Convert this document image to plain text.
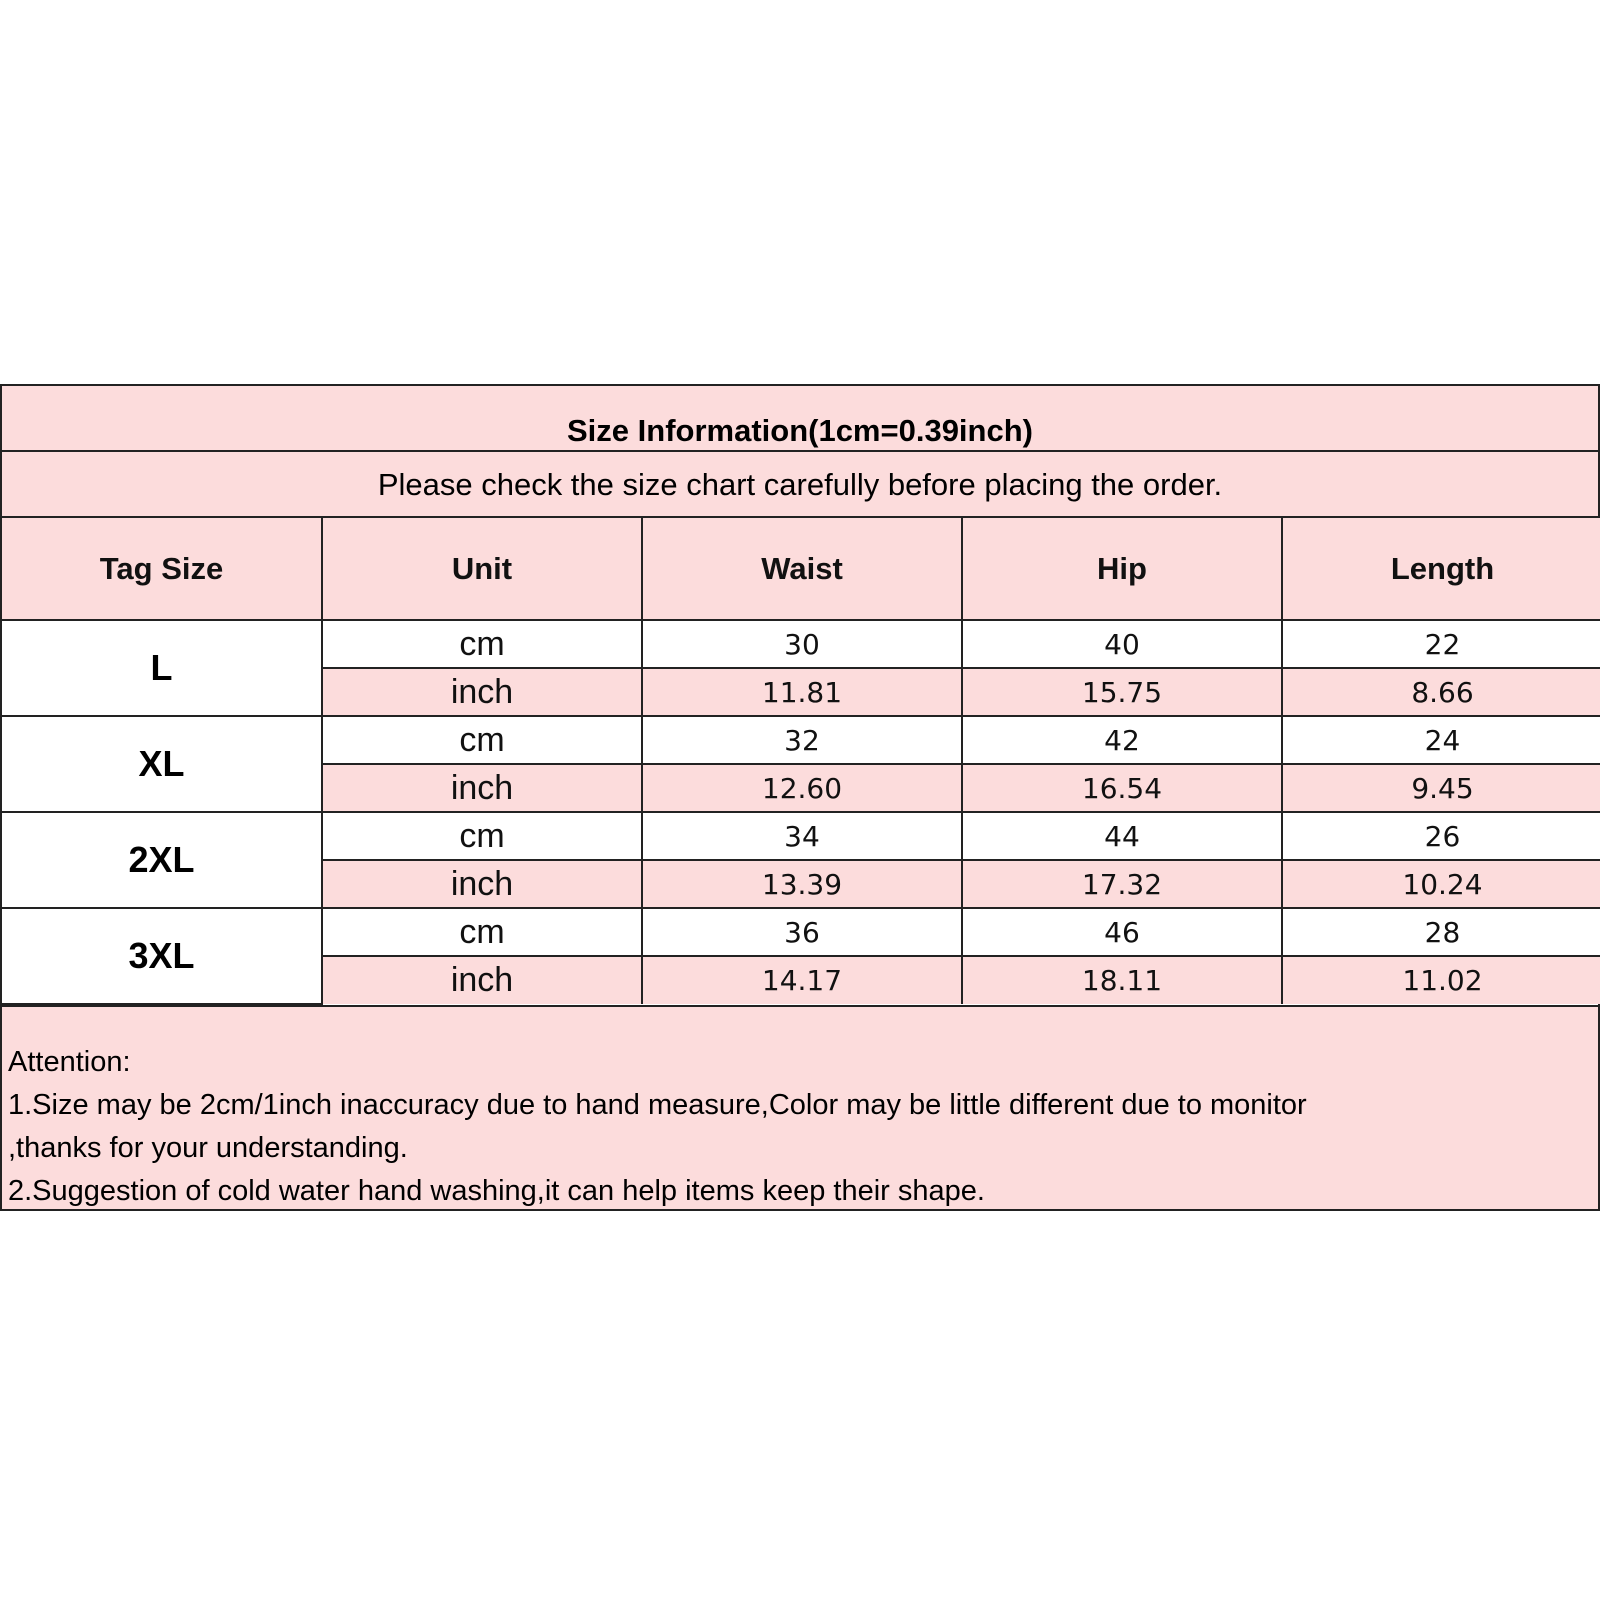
Size Information(1cm=0.39inch)
Please check the size chart carefully before placing the order.
Tag Size	Unit	Waist	Hip	Length
L	cm	30	40	22
	inch	11.81	15.75	8.66
XL	cm	32	42	24
	inch	12.60	16.54	9.45
2XL	cm	34	44	26
	inch	13.39	17.32	10.24
3XL	cm	36	46	28
	inch	14.17	18.11	11.02
Attention:
1.Size may be 2cm/1inch inaccuracy due to hand measure,Color may be little different due to monitor
,thanks for your understanding.
2.Suggestion of cold water hand washing,it can help items keep their shape.
